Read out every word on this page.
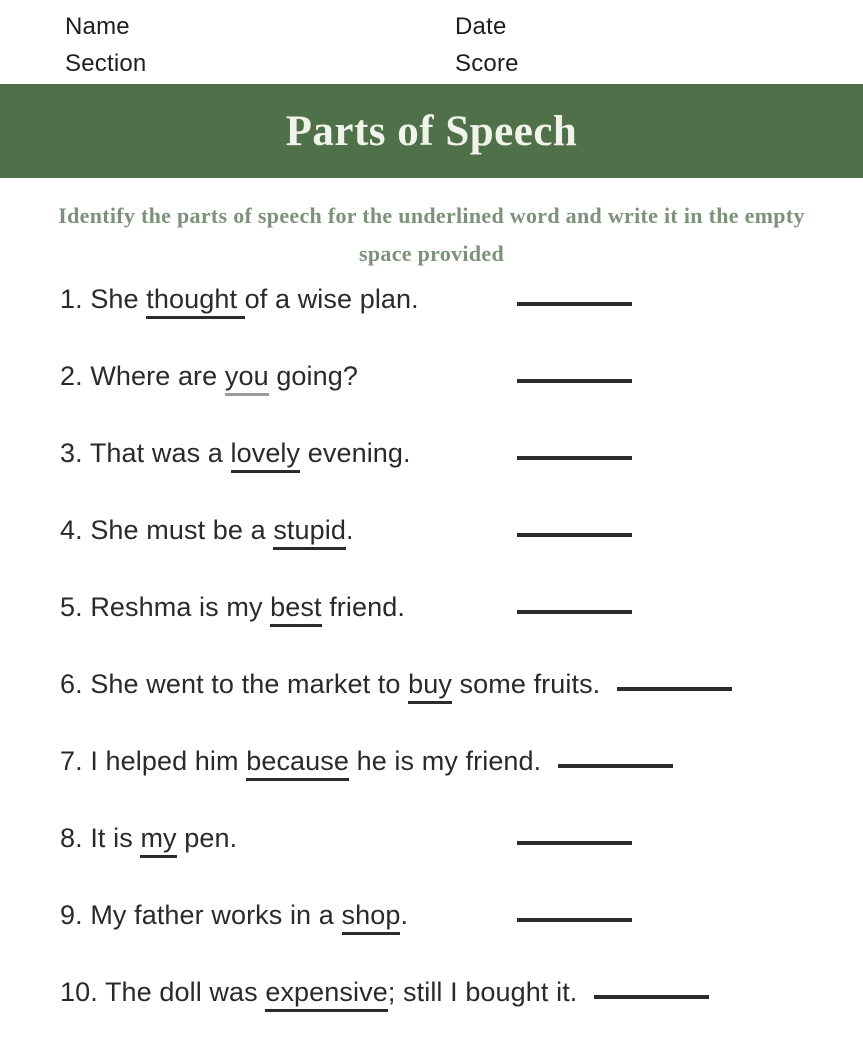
Name
Section
Date
Score
Parts of Speech
Identify the parts of speech for the underlined word and write it in the empty space provided
1. She thought of a wise plan.
2. Where are you going?
3. That was a lovely evening.
4. She must be a stupid.
5. Reshma is my best friend.
6. She went to the market to buy some fruits.
7. I helped him because he is my friend.
8. It is my pen.
9. My father works in a shop.
10. The doll was expensive; still I bought it.
